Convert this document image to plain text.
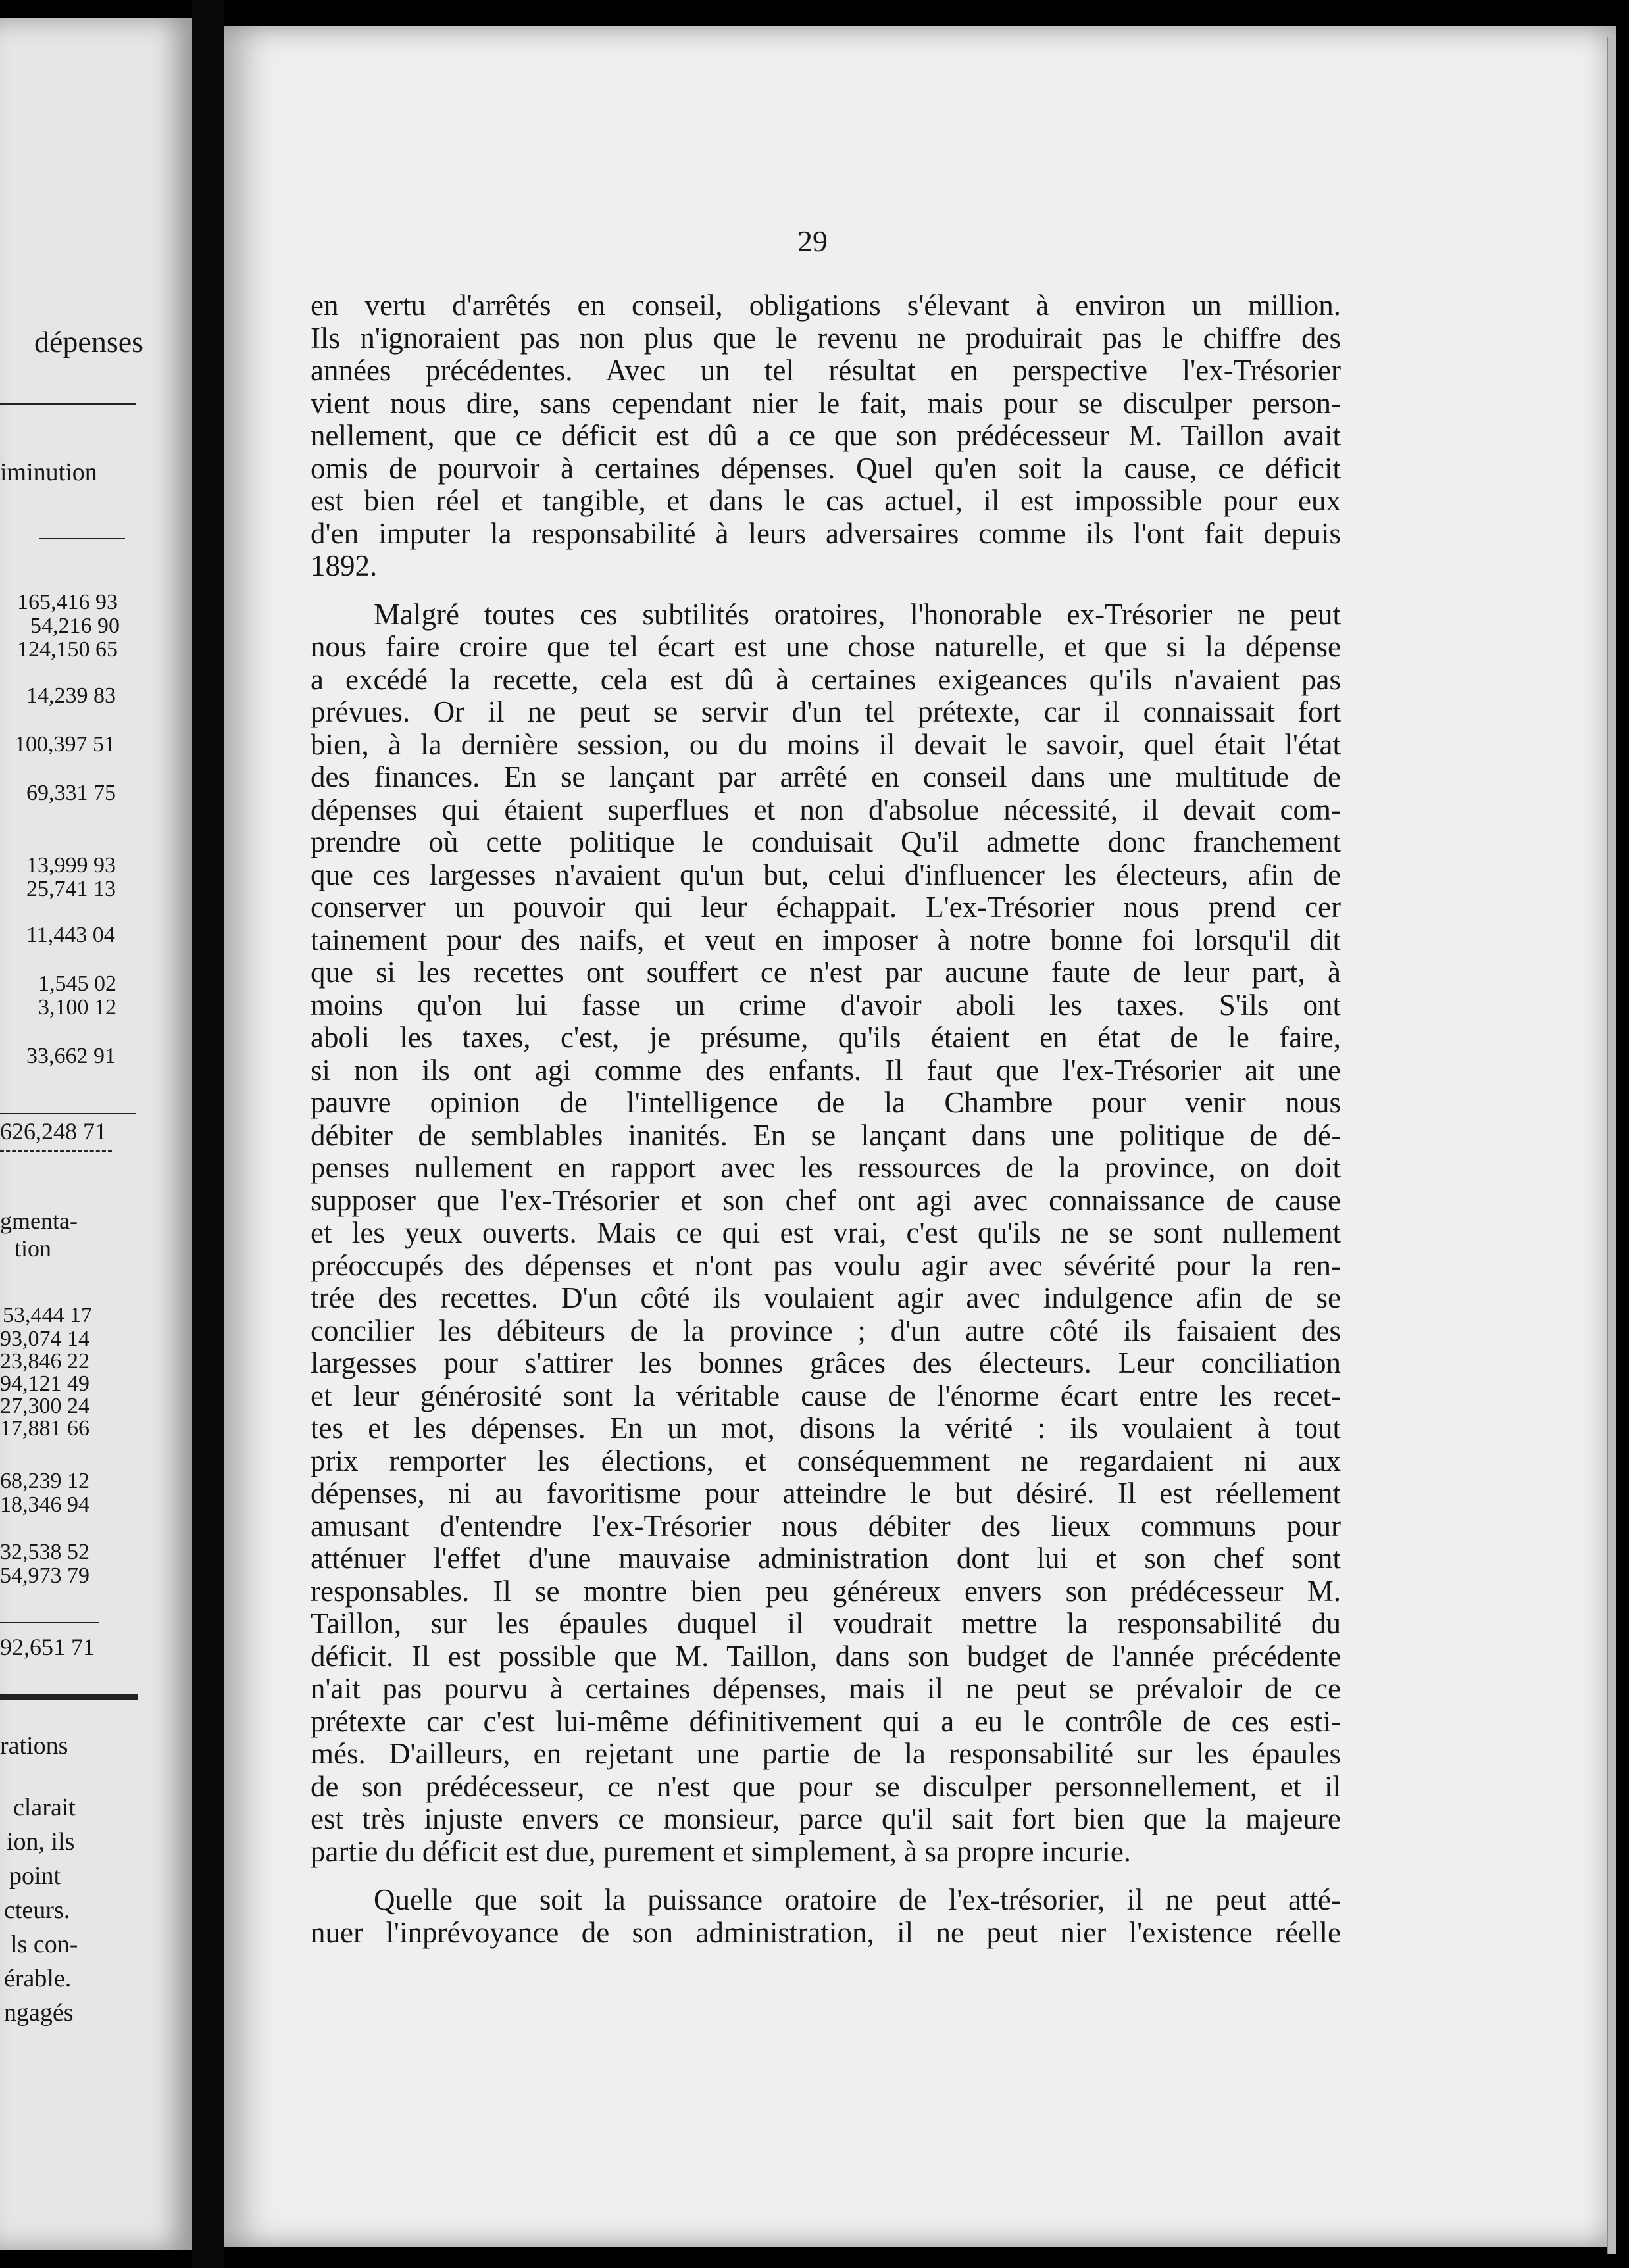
dépenses
iminution
165,416 93
54,216 90
124,150 65
14,239 83
100,397 51
69,331 75
13,999 93
25,741 13
11,443 04
1,545 02
3,100 12
33,662 91
626,248 71
gmenta-
tion
53,444 17
93,074 14
23,846 22
94,121 49
27,300 24
17,881 66
68,239 12
18,346 94
32,538 52
54,973 79
92,651 71
rations
clarait
ion, ils
point
cteurs.
ls con-
érable.
ngagés
29
en vertu d'arrêtés en conseil, obligations s'élevant à environ un million.
Ils n'ignoraient pas non plus que le revenu ne produirait pas le chiffre des
années précédentes. Avec un tel résultat en perspective l'ex-Trésorier
vient nous dire, sans cependant nier le fait, mais pour se disculper person-
nellement, que ce déficit est dû a ce que son prédécesseur M. Taillon avait
omis de pourvoir à certaines dépenses. Quel qu'en soit la cause, ce déficit
est bien réel et tangible, et dans le cas actuel, il est impossible pour eux
d'en imputer la responsabilité à leurs adversaires comme ils l'ont fait depuis
1892.
Malgré toutes ces subtilités oratoires, l'honorable ex-Trésorier ne peut
nous faire croire que tel écart est une chose naturelle, et que si la dépense
a excédé la recette, cela est dû à certaines exigeances qu'ils n'avaient pas
prévues. Or il ne peut se servir d'un tel prétexte, car il connaissait fort
bien, à la dernière session, ou du moins il devait le savoir, quel était l'état
des finances. En se lançant par arrêté en conseil dans une multitude de
dépenses qui étaient superflues et non d'absolue nécessité, il devait com-
prendre où cette politique le conduisait Qu'il admette donc franchement
que ces largesses n'avaient qu'un but, celui d'influencer les électeurs, afin de
conserver un pouvoir qui leur échappait. L'ex-Trésorier nous prend cer
tainement pour des naifs, et veut en imposer à notre bonne foi lorsqu'il dit
que si les recettes ont souffert ce n'est par aucune faute de leur part, à
moins qu'on lui fasse un crime d'avoir aboli les taxes. S'ils ont
aboli les taxes, c'est, je présume, qu'ils étaient en état de le faire,
si non ils ont agi comme des enfants. Il faut que l'ex-Trésorier ait une
pauvre opinion de l'intelligence de la Chambre pour venir nous
débiter de semblables inanités. En se lançant dans une politique de dé-
penses nullement en rapport avec les ressources de la province, on doit
supposer que l'ex-Trésorier et son chef ont agi avec connaissance de cause
et les yeux ouverts. Mais ce qui est vrai, c'est qu'ils ne se sont nullement
préoccupés des dépenses et n'ont pas voulu agir avec sévérité pour la ren-
trée des recettes. D'un côté ils voulaient agir avec indulgence afin de se
concilier les débiteurs de la province ; d'un autre côté ils faisaient des
largesses pour s'attirer les bonnes grâces des électeurs. Leur conciliation
et leur générosité sont la véritable cause de l'énorme écart entre les recet-
tes et les dépenses. En un mot, disons la vérité : ils voulaient à tout
prix remporter les élections, et conséquemment ne regardaient ni aux
dépenses, ni au favoritisme pour atteindre le but désiré. Il est réellement
amusant d'entendre l'ex-Trésorier nous débiter des lieux communs pour
atténuer l'effet d'une mauvaise administration dont lui et son chef sont
responsables. Il se montre bien peu généreux envers son prédécesseur M.
Taillon, sur les épaules duquel il voudrait mettre la responsabilité du
déficit. Il est possible que M. Taillon, dans son budget de l'année précédente
n'ait pas pourvu à certaines dépenses, mais il ne peut se prévaloir de ce
prétexte car c'est lui-même définitivement qui a eu le contrôle de ces esti-
més. D'ailleurs, en rejetant une partie de la responsabilité sur les épaules
de son prédécesseur, ce n'est que pour se disculper personnellement, et il
est très injuste envers ce monsieur, parce qu'il sait fort bien que la majeure
partie du déficit est due, purement et simplement, à sa propre incurie.
Quelle que soit la puissance oratoire de l'ex-trésorier, il ne peut atté-
nuer l'inprévoyance de son administration, il ne peut nier l'existence réelle
